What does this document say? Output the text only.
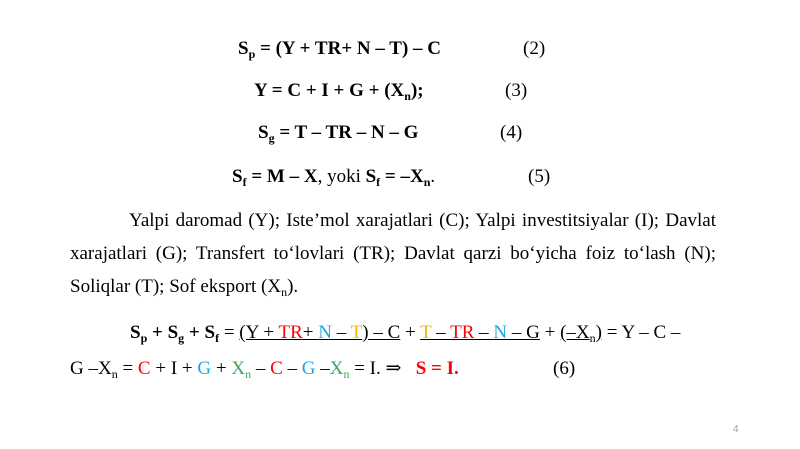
$S_p = (Y + TR+ N - T) - C$	(2)
$Y = C + I + G + (X_n)$;	(3)
$S_g = T$ – TR – N – G	(4)
$S_f = M - X$, yoki $S_f = -X_n$.	(5)
Yalpi daromad (Y); Iste’mol xarajatlari (C); Yalpi investitsiyalar (I); Davlat xarajatlari (G); Transfert to‘lovlari (TR); Davlat qarzi bo‘yicha foiz to‘lash (N); Soliqlar (T); Sof eksport $(X_n)$.
$S_p + S_g + S_f = (Y + TR+ N - T) - C + T$ – TR – $N - G + (-X_n) = Y - C$ –
G $-X_n = C + I + G + X_n - C - G$ $-X_n = I$. ⇒   S = I.	(6)
4
